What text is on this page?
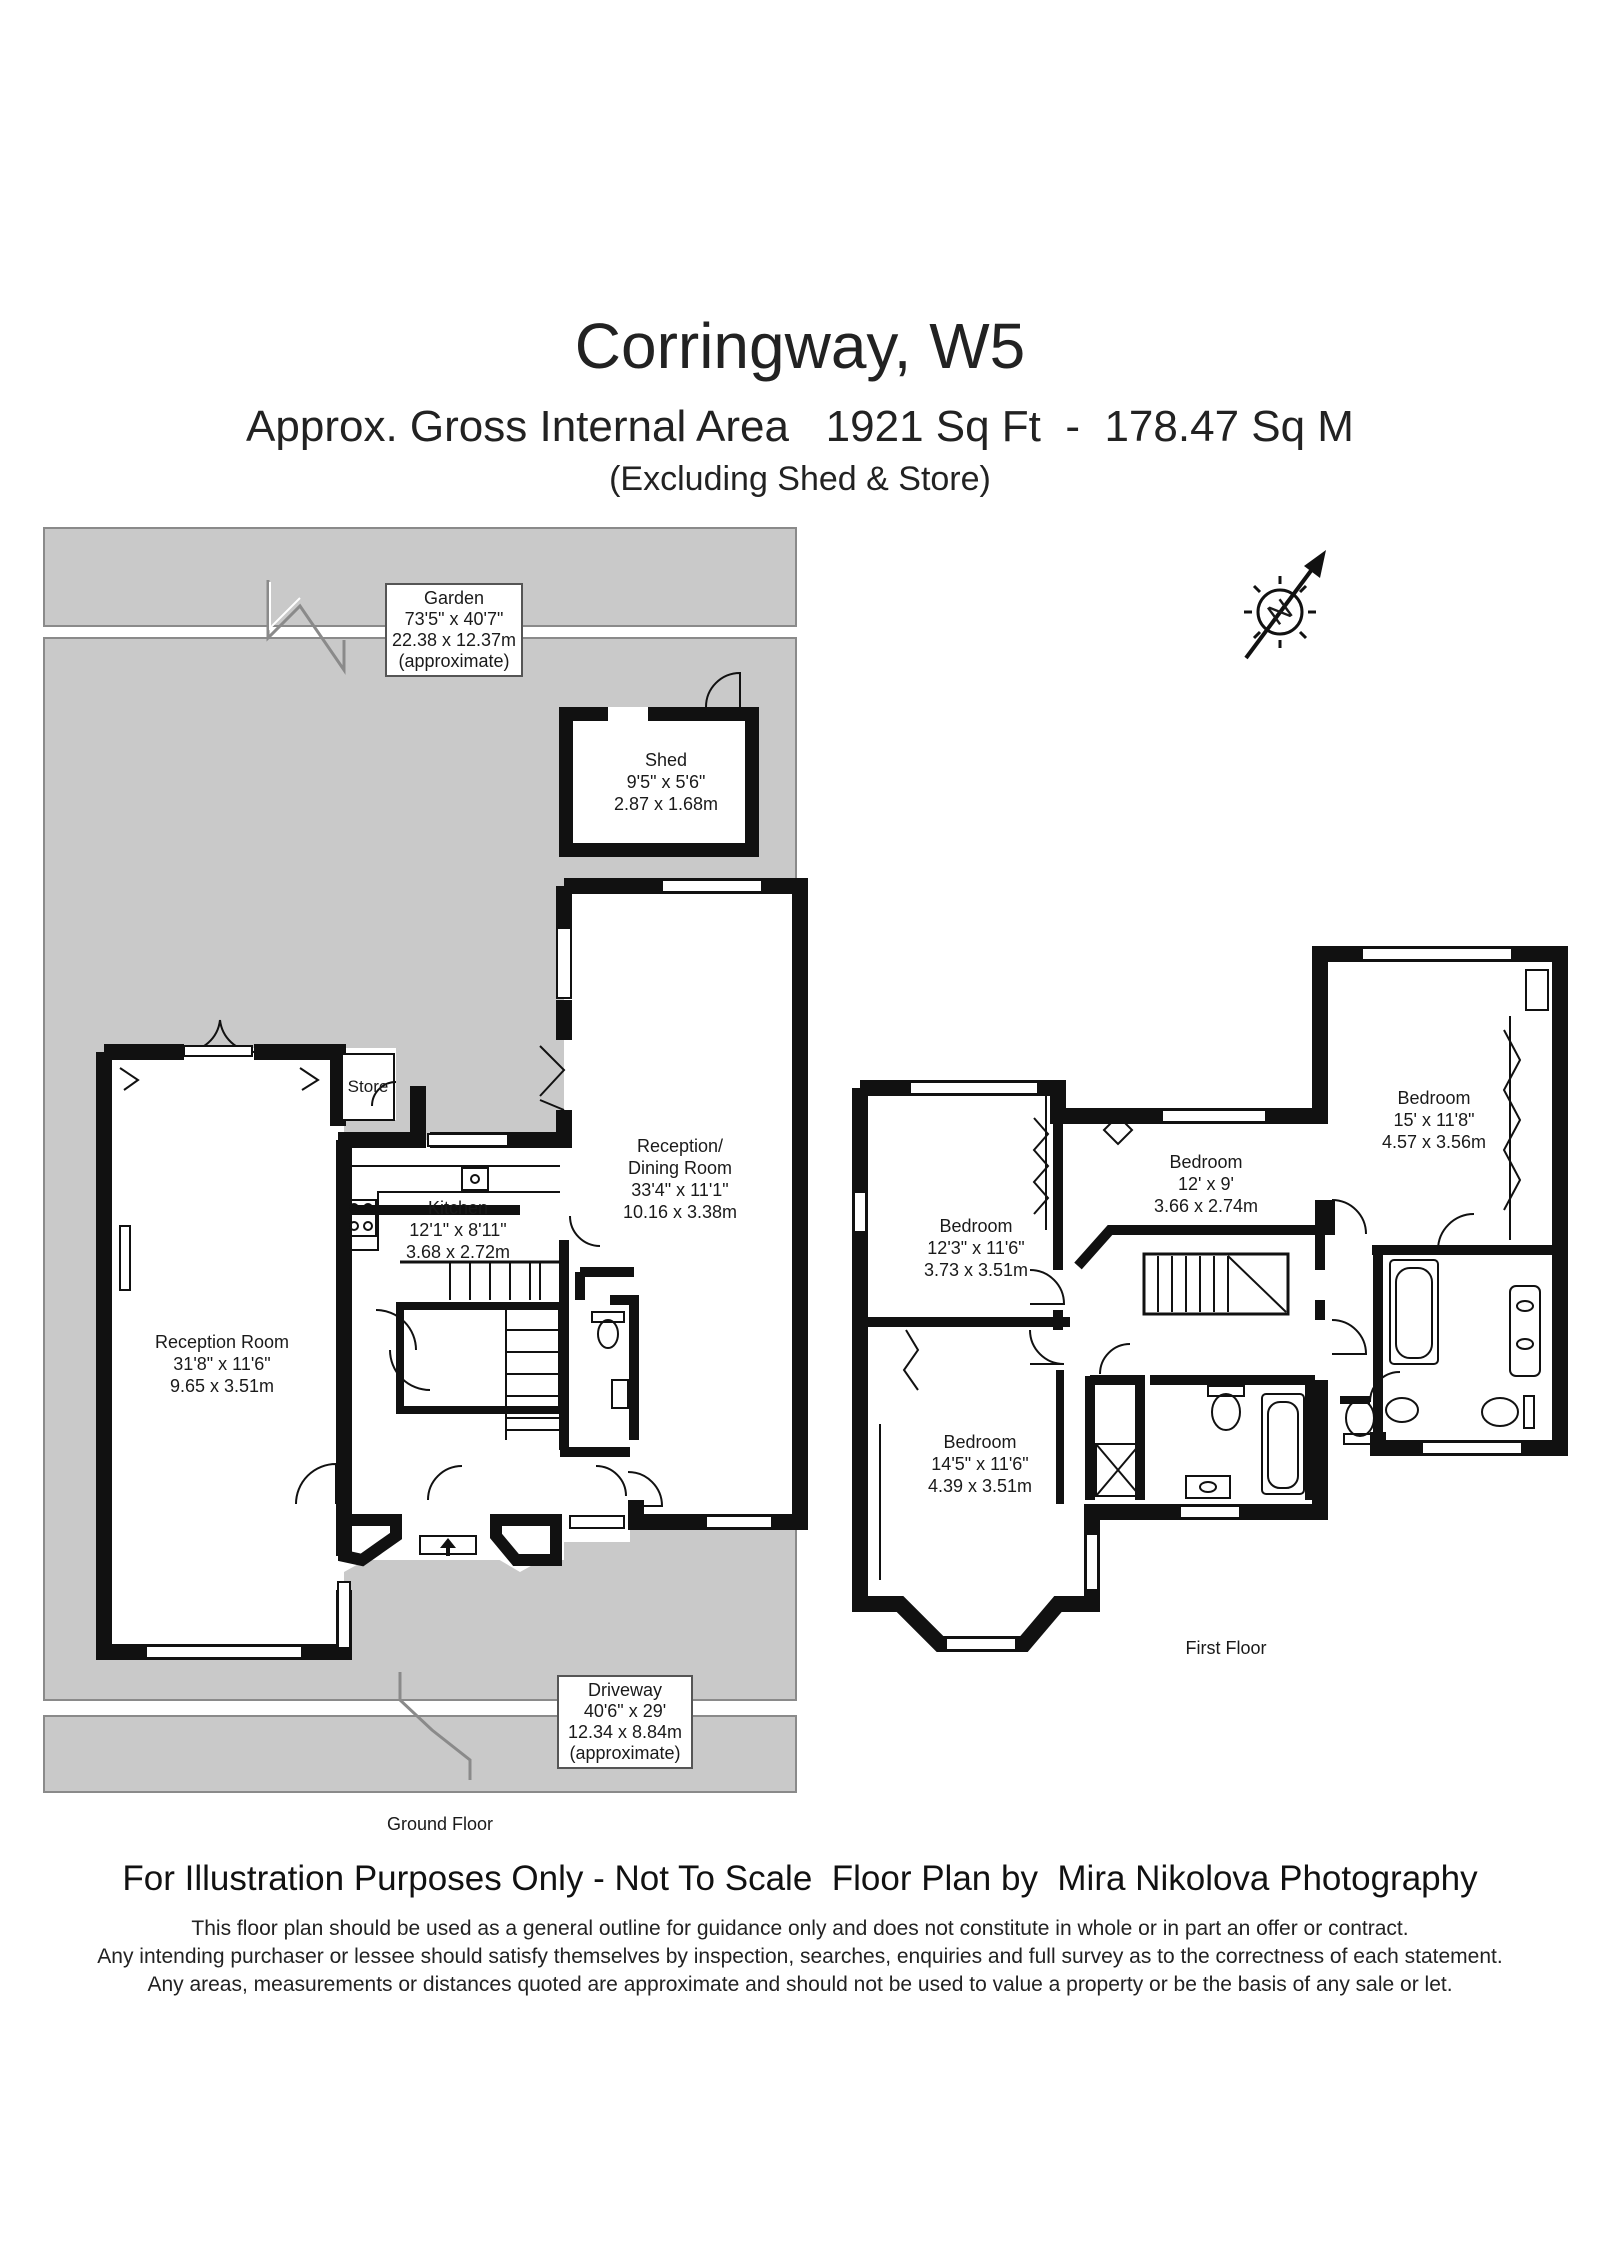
Corringway, W5
Approx. Gross Internal Area   1921 Sq Ft  -  178.47 Sq M
(Excluding Shed & Store)
N
Garden
73'5" x 40'7"
22.38 x 12.37m
(approximate)
Shed
9'5" x 5'6"
2.87 x 1.68m
Store
Reception/
Dining Room
33'4" x 11'1"
10.16 x 3.38m
Kitchen
12'1" x 8'11"
3.68 x 2.72m
Reception Room
31'8" x 11'6"
9.65 x 3.51m
Driveway
40'6" x 29'
12.34 x 8.84m
(approximate)
Ground Floor
Bedroom
12'3" x 11'6"
3.73 x 3.51m
Bedroom
12' x 9'
3.66 x 2.74m
Bedroom
15' x 11'8"
4.57 x 3.56m
Bedroom
14'5" x 11'6"
4.39 x 3.51m
First Floor
For Illustration Purposes Only - Not To Scale  Floor Plan by  Mira Nikolova Photography
This floor plan should be used as a general outline for guidance only and does not constitute in whole or in part an offer or contract.
Any intending purchaser or lessee should satisfy themselves by inspection, searches, enquiries and full survey as to the correctness of each statement.
Any areas, measurements or distances quoted are approximate and should not be used to value a property or be the basis of any sale or let.
